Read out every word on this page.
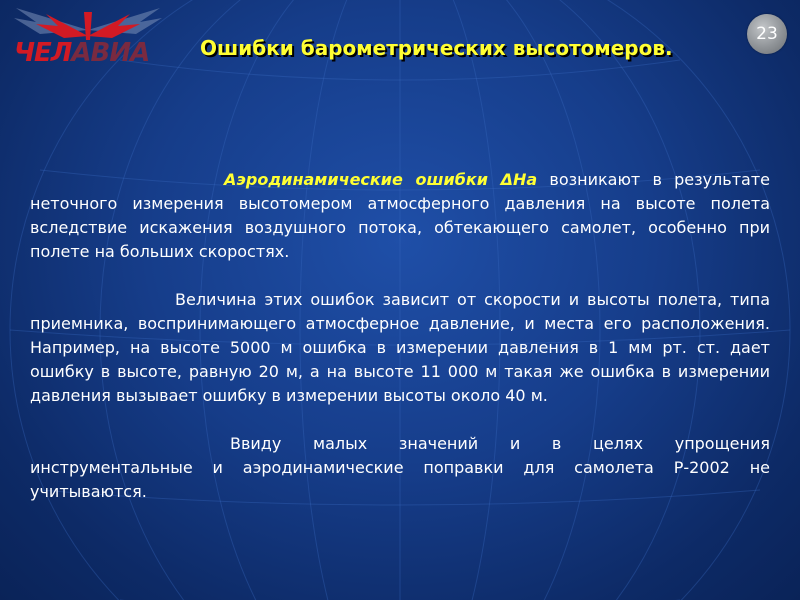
ЧЕЛАВИА
23
Ошибки барометрических высотомеров.

Аэродинамические ошибки ΔНа возникают в результате неточного измерения высотомером атмосферного давления на высоте полета вследствие искажения воздушного потока, обтекающего самолет, особенно при полете на больших скоростях.

Величина этих ошибок зависит от скорости и высоты полета, типа приемника, воспринимающего атмосферное давление, и места его расположения. Например, на высоте 5000 м ошибка в измерении давления в 1 мм рт. ст. дает ошибку в высоте, равную 20 м, а на высоте 11 000 м такая же ошибка в измерении давления вызывает ошибку в измерении высоты около 40 м.

Ввиду малых значений и в целях упрощения инструментальные и аэродинамические поправки для самолета Р-2002 не учитываются.
